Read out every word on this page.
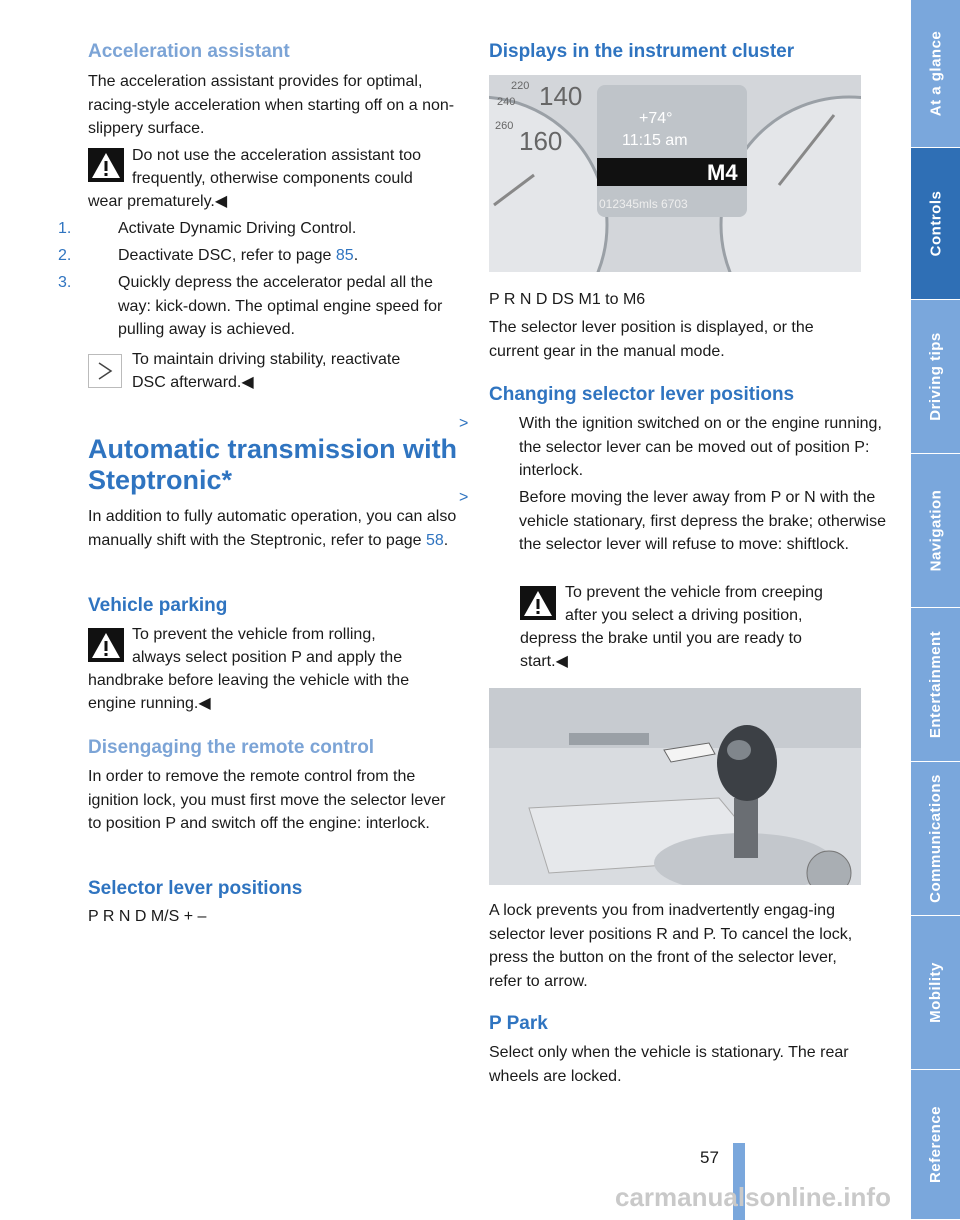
Acceleration assistant

The acceleration assistant provides for optimal, racing-style acceleration when starting off on a non-slippery surface.

Do not use the acceleration assistant too

frequently, otherwise components could

wear prematurely.◀

1.	Activate Dynamic Driving Control.
2.	Deactivate DSC, refer to page 85.
3.	Quickly depress the accelerator pedal all the way: kick-down. The optimal engine speed for pulling away is achieved.

To maintain driving stability, reactivate

DSC afterward.◀

Automatic transmission with
Steptronic*

In addition to fully automatic operation, you can also manually shift with the Steptronic, refer to page 58.

Vehicle parking

To prevent the vehicle from rolling,

always select position P and apply the

handbrake before leaving the vehicle with the

engine running.◀

Disengaging the remote control

In order to remove the remote control from the ignition lock, you must first move the selector lever to position P and switch off the engine: interlock.

Selector lever positions

P R N D M/S + –

Displays in the instrument cluster
140
160
240
220
260	+74°
11:15 am
M4
012345mls 6703

P R N D DS M1 to M6

The selector lever position is displayed, or the current gear in the manual mode.

Changing selector lever positions
>	With the ignition switched on or the engine running, the selector lever can be moved out of position P: interlock.
>	Before moving the lever away from P or N with the vehicle stationary, first depress the brake; otherwise the selector lever will refuse to move: shiftlock.

To prevent the vehicle from creeping

after you select a driving position,

depress the brake until you are ready to

start.◀

A lock prevents you from inadvertently engag-ing selector lever positions R and P. To cancel the lock, press the button on the front of the selector lever, refer to arrow.

P Park

Select only when the vehicle is stationary. The rear wheels are locked.

57

At a glance
Controls
Driving tips
Navigation
Entertainment
Communications
Mobility
Reference

carmanualsonline.info
